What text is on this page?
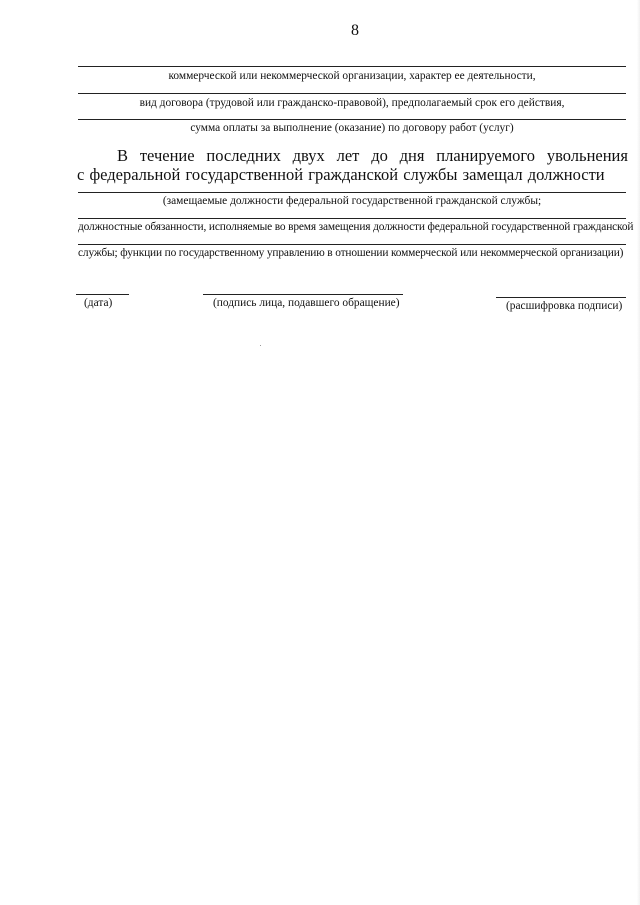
8
коммерческой или некоммерческой организации, характер ее деятельности,
вид договора (трудовой или гражданско-правовой), предполагаемый срок его действия,
сумма оплаты за выполнение (оказание) по договору работ (услуг)
В течение последних двух лет до дня планируемого увольнения
с федеральной государственной гражданской службы замещал должности
(замещаемые должности федеральной государственной гражданской службы;
должностные обязанности, исполняемые во время замещения должности федеральной государственной гражданской
службы; функции по государственному управлению в отношении коммерческой или некоммерческой организации)
(дата)	(подпись лица, подавшего обращение)	(расшифровка подписи)
